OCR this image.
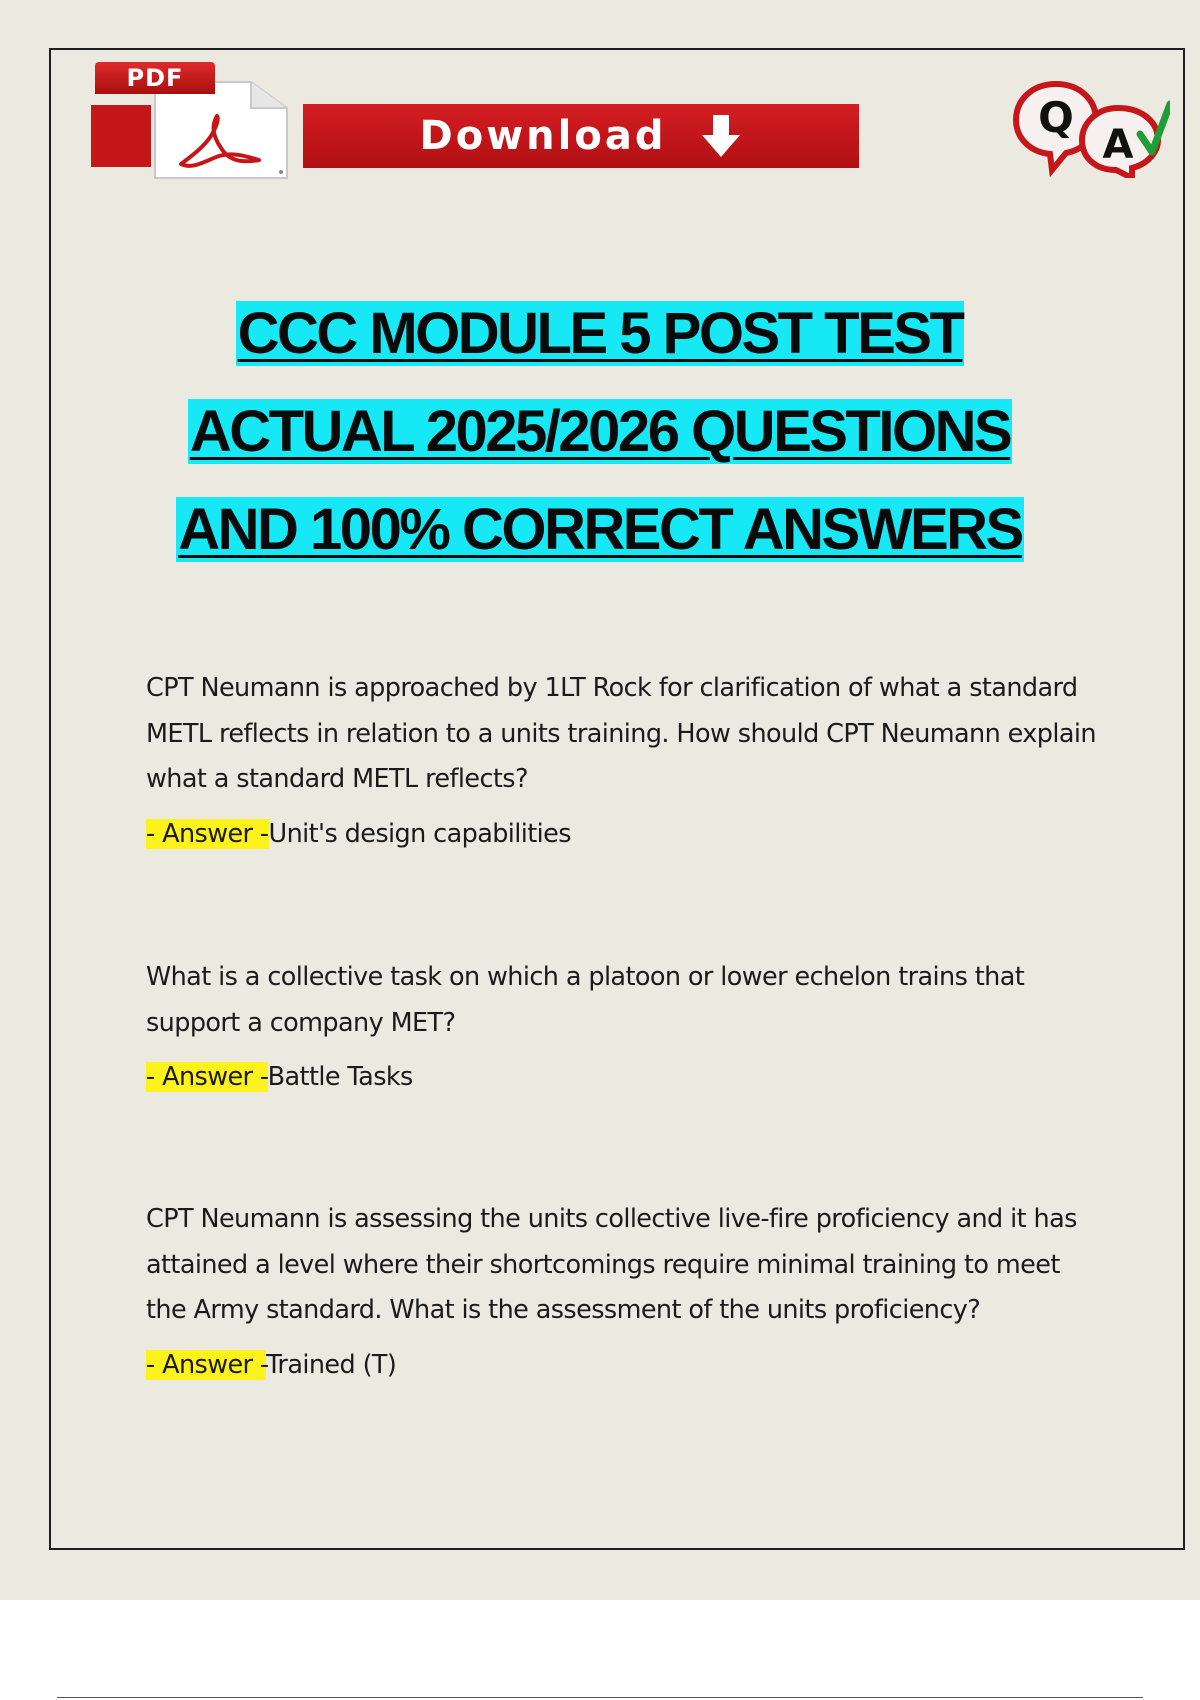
PDF
Download	Q
A
CCC MODULE 5 POST TEST
ACTUAL 2025/2026 QUESTIONS
AND 100% CORRECT ANSWERS

CPT Neumann is approached by 1LT Rock for clarification of what a standard METL reflects in relation to a units training. How should CPT Neumann explain what a standard METL reflects?

- Answer -Unit's design capabilities

What is a collective task on which a platoon or lower echelon trains that support a company MET?

- Answer -Battle Tasks

CPT Neumann is assessing the units collective live-fire proficiency and it has attained a level where their shortcomings require minimal training to meet the Army standard. What is the assessment of the units proficiency?

- Answer -Trained (T)
